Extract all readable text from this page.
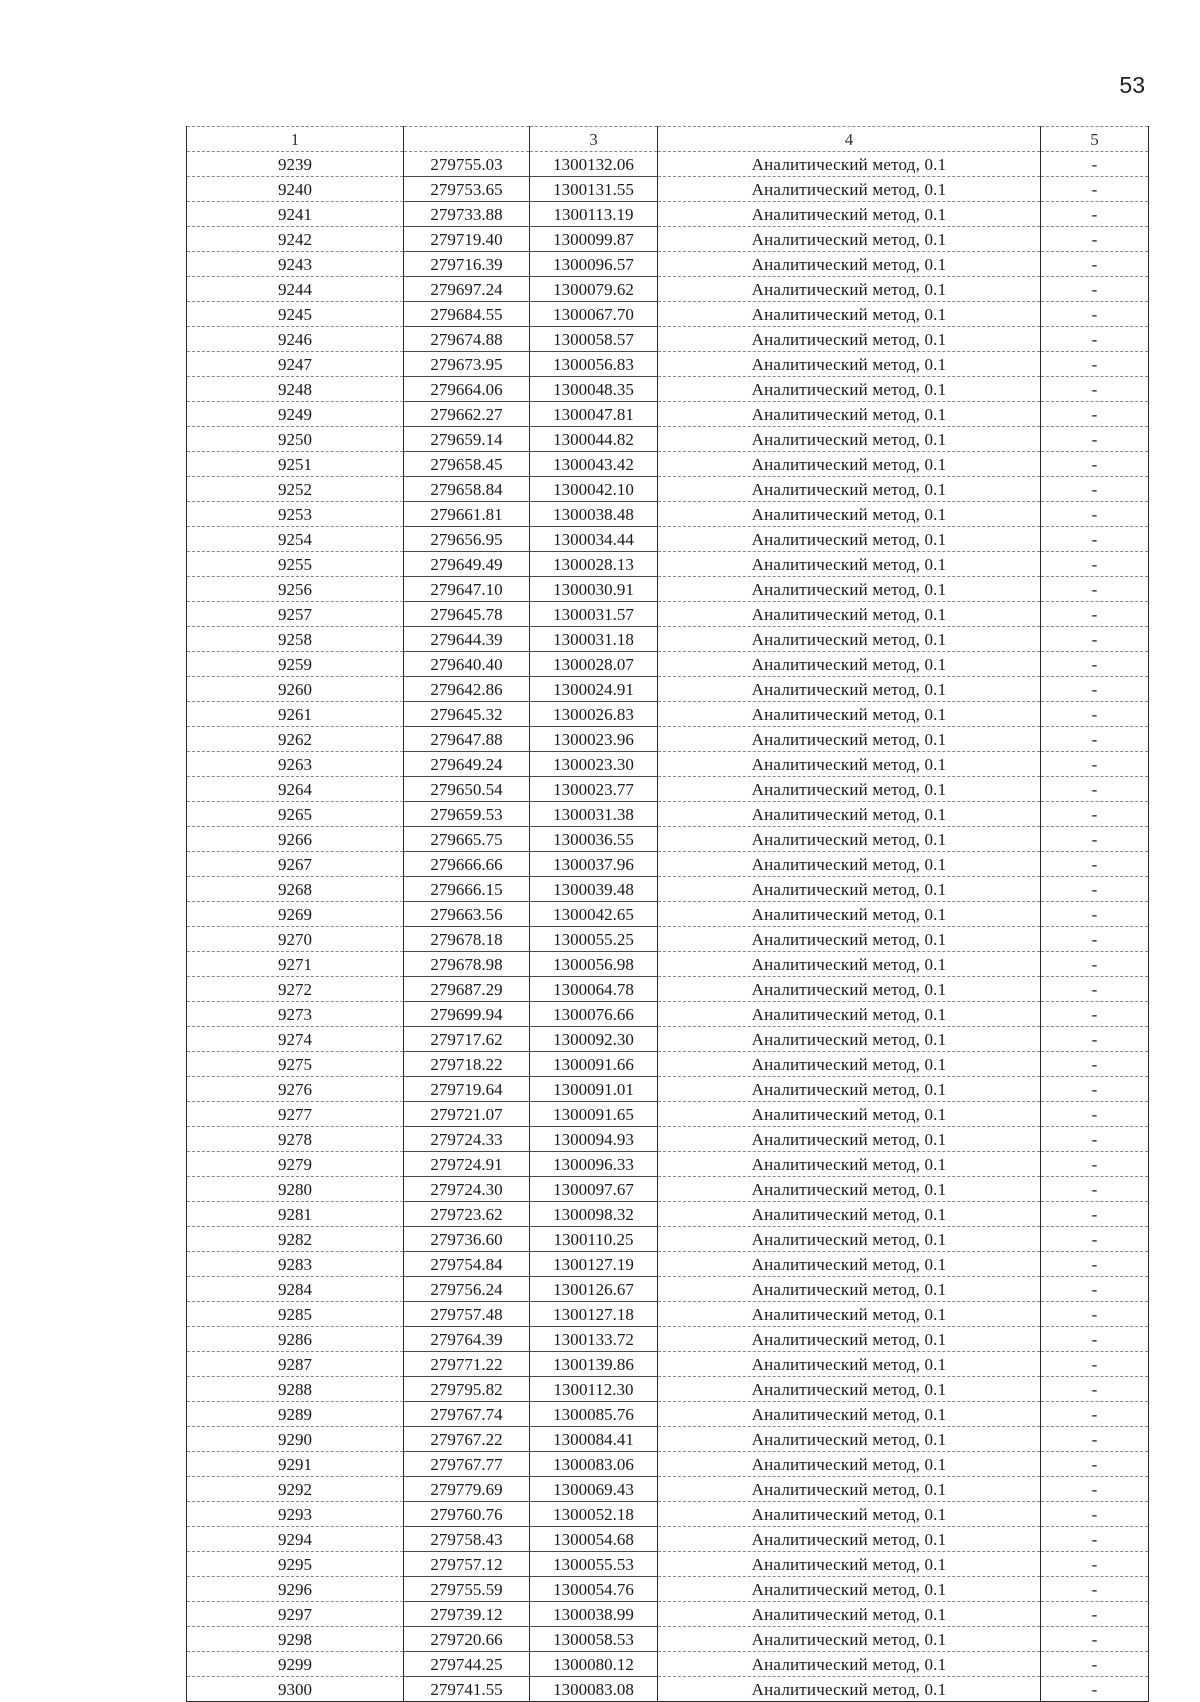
53
1		3	4	5
9239	279755.03	1300132.06	Аналитический метод, 0.1	-
9240	279753.65	1300131.55	Аналитический метод, 0.1	-
9241	279733.88	1300113.19	Аналитический метод, 0.1	-
9242	279719.40	1300099.87	Аналитический метод, 0.1	-
9243	279716.39	1300096.57	Аналитический метод, 0.1	-
9244	279697.24	1300079.62	Аналитический метод, 0.1	-
9245	279684.55	1300067.70	Аналитический метод, 0.1	-
9246	279674.88	1300058.57	Аналитический метод, 0.1	-
9247	279673.95	1300056.83	Аналитический метод, 0.1	-
9248	279664.06	1300048.35	Аналитический метод, 0.1	-
9249	279662.27	1300047.81	Аналитический метод, 0.1	-
9250	279659.14	1300044.82	Аналитический метод, 0.1	-
9251	279658.45	1300043.42	Аналитический метод, 0.1	-
9252	279658.84	1300042.10	Аналитический метод, 0.1	-
9253	279661.81	1300038.48	Аналитический метод, 0.1	-
9254	279656.95	1300034.44	Аналитический метод, 0.1	-
9255	279649.49	1300028.13	Аналитический метод, 0.1	-
9256	279647.10	1300030.91	Аналитический метод, 0.1	-
9257	279645.78	1300031.57	Аналитический метод, 0.1	-
9258	279644.39	1300031.18	Аналитический метод, 0.1	-
9259	279640.40	1300028.07	Аналитический метод, 0.1	-
9260	279642.86	1300024.91	Аналитический метод, 0.1	-
9261	279645.32	1300026.83	Аналитический метод, 0.1	-
9262	279647.88	1300023.96	Аналитический метод, 0.1	-
9263	279649.24	1300023.30	Аналитический метод, 0.1	-
9264	279650.54	1300023.77	Аналитический метод, 0.1	-
9265	279659.53	1300031.38	Аналитический метод, 0.1	-
9266	279665.75	1300036.55	Аналитический метод, 0.1	-
9267	279666.66	1300037.96	Аналитический метод, 0.1	-
9268	279666.15	1300039.48	Аналитический метод, 0.1	-
9269	279663.56	1300042.65	Аналитический метод, 0.1	-
9270	279678.18	1300055.25	Аналитический метод, 0.1	-
9271	279678.98	1300056.98	Аналитический метод, 0.1	-
9272	279687.29	1300064.78	Аналитический метод, 0.1	-
9273	279699.94	1300076.66	Аналитический метод, 0.1	-
9274	279717.62	1300092.30	Аналитический метод, 0.1	-
9275	279718.22	1300091.66	Аналитический метод, 0.1	-
9276	279719.64	1300091.01	Аналитический метод, 0.1	-
9277	279721.07	1300091.65	Аналитический метод, 0.1	-
9278	279724.33	1300094.93	Аналитический метод, 0.1	-
9279	279724.91	1300096.33	Аналитический метод, 0.1	-
9280	279724.30	1300097.67	Аналитический метод, 0.1	-
9281	279723.62	1300098.32	Аналитический метод, 0.1	-
9282	279736.60	1300110.25	Аналитический метод, 0.1	-
9283	279754.84	1300127.19	Аналитический метод, 0.1	-
9284	279756.24	1300126.67	Аналитический метод, 0.1	-
9285	279757.48	1300127.18	Аналитический метод, 0.1	-
9286	279764.39	1300133.72	Аналитический метод, 0.1	-
9287	279771.22	1300139.86	Аналитический метод, 0.1	-
9288	279795.82	1300112.30	Аналитический метод, 0.1	-
9289	279767.74	1300085.76	Аналитический метод, 0.1	-
9290	279767.22	1300084.41	Аналитический метод, 0.1	-
9291	279767.77	1300083.06	Аналитический метод, 0.1	-
9292	279779.69	1300069.43	Аналитический метод, 0.1	-
9293	279760.76	1300052.18	Аналитический метод, 0.1	-
9294	279758.43	1300054.68	Аналитический метод, 0.1	-
9295	279757.12	1300055.53	Аналитический метод, 0.1	-
9296	279755.59	1300054.76	Аналитический метод, 0.1	-
9297	279739.12	1300038.99	Аналитический метод, 0.1	-
9298	279720.66	1300058.53	Аналитический метод, 0.1	-
9299	279744.25	1300080.12	Аналитический метод, 0.1	-
9300	279741.55	1300083.08	Аналитический метод, 0.1	-
